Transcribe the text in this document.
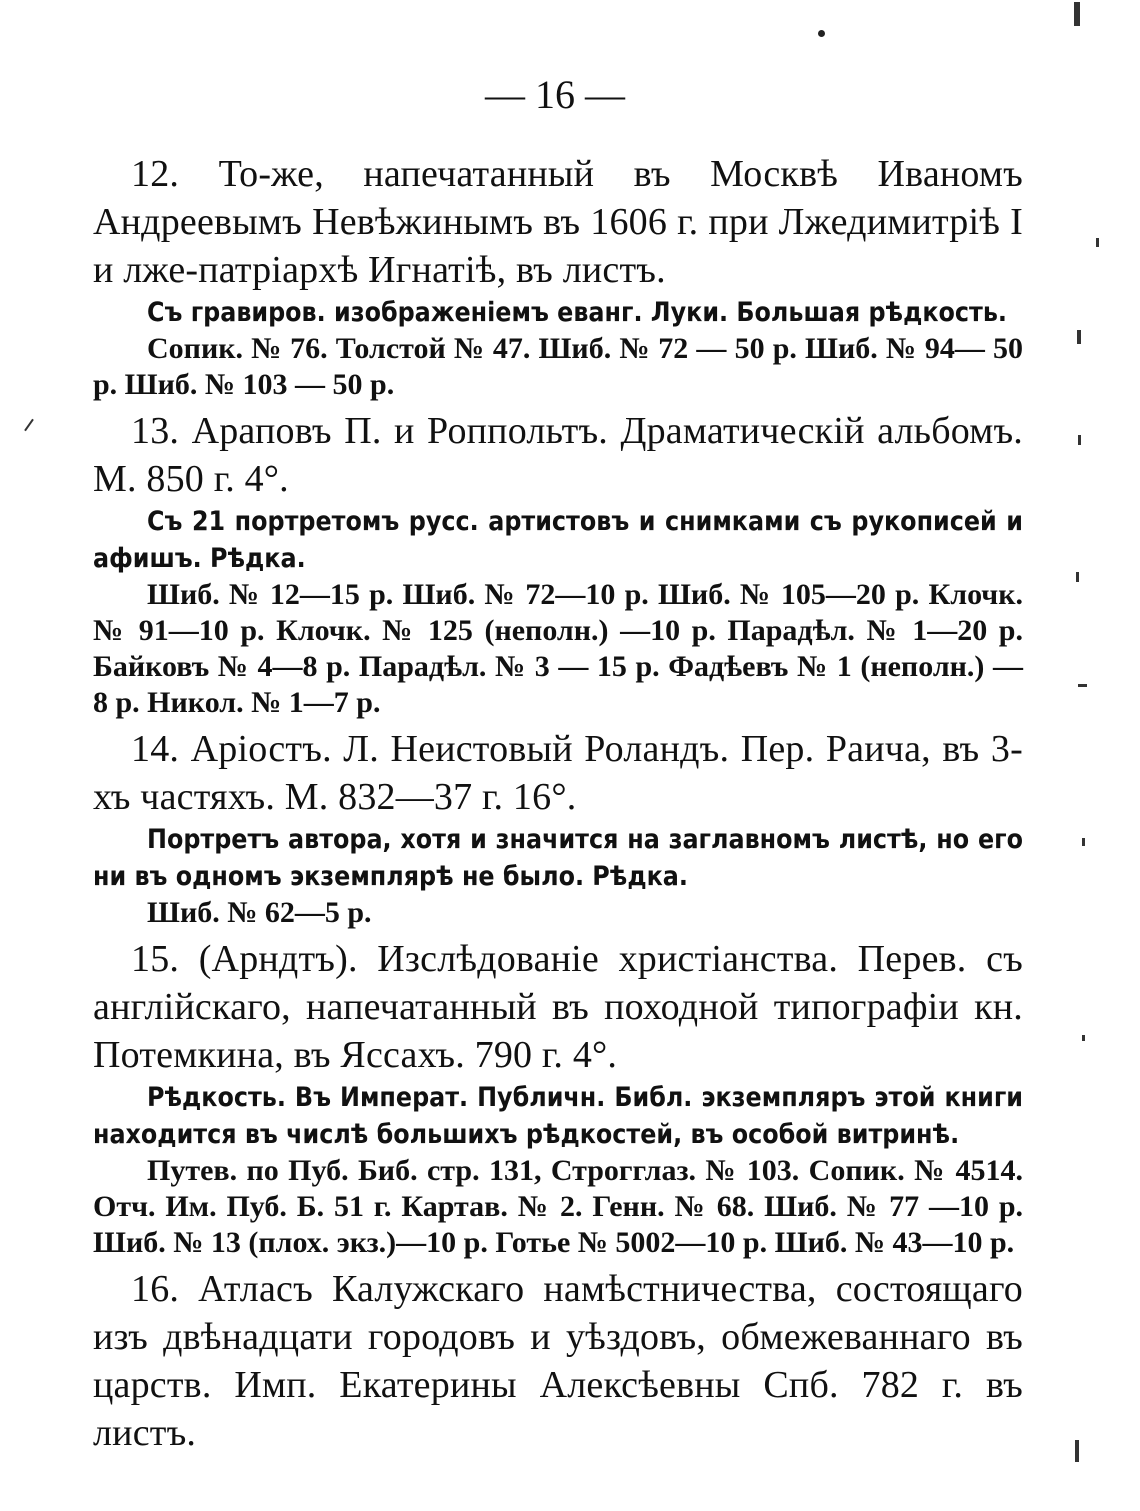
— 16 —

12. То-же, напечатанный въ Москвѣ Иваномъ Андреевымъ Невѣжинымъ въ 1606 г. при Лжедимитріѣ I и лже-патріархѣ Игнатіѣ, въ листъ.

Съ гравиров. изображеніемъ еванг. Луки. Большая рѣдкость.

Сопик. № 76. Толстой № 47. Шиб. № 72 — 50 р. Шиб. № 94— 50 р. Шиб. № 103 — 50 р.

13. Араповъ П. и Роппольтъ. Драматическій альбомъ. М. 850 г. 4°.

Съ 21 портретомъ русс. артистовъ и снимками съ рукописей и афишъ. Рѣдка.

Шиб. № 12—15 р. Шиб. № 72—10 р. Шиб. № 105—20 р. Клочк. № 91—10 р. Клочк. № 125 (неполн.) —10 р. Парадѣл. № 1—20 р. Байковъ № 4—8 р. Парадѣл. № 3 — 15 р. Фадѣевъ № 1 (неполн.) — 8 р. Никол. № 1—7 р.

14. Аріостъ. Л. Неистовый Роландъ. Пер. Раича, въ 3-хъ частяхъ. М. 832—37 г. 16°.

Портретъ автора, хотя и значится на заглавномъ листѣ, но его ни въ одномъ экземплярѣ не было. Рѣдка.

Шиб. № 62—5 р.

15. (Арндтъ). Изслѣдованіе христіанства. Перев. съ англійскаго, напечатанный въ походной типографіи кн. Потемкина, въ Яссахъ. 790 г. 4°.

Рѣдкость. Въ Императ. Публичн. Библ. экземпляръ этой книги находится въ числѣ большихъ рѣдкостей, въ особой витринѣ.

Путев. по Пуб. Биб. стр. 131, Строгглаз. № 103. Сопик. № 4514. Отч. Им. Пуб. Б. 51 г. Картав. № 2. Генн. № 68. Шиб. № 77 —10 р. Шиб. № 13 (плох. экз.)—10 р. Готье № 5002—10 р. Шиб. № 43—10 р.

16. Атласъ Калужскаго намѣстничества, состоящаго изъ двѣнадцати городовъ и уѣздовъ, обмежеваннаго въ царств. Имп. Екатерины Алексѣевны Спб. 782 г. въ листъ.
